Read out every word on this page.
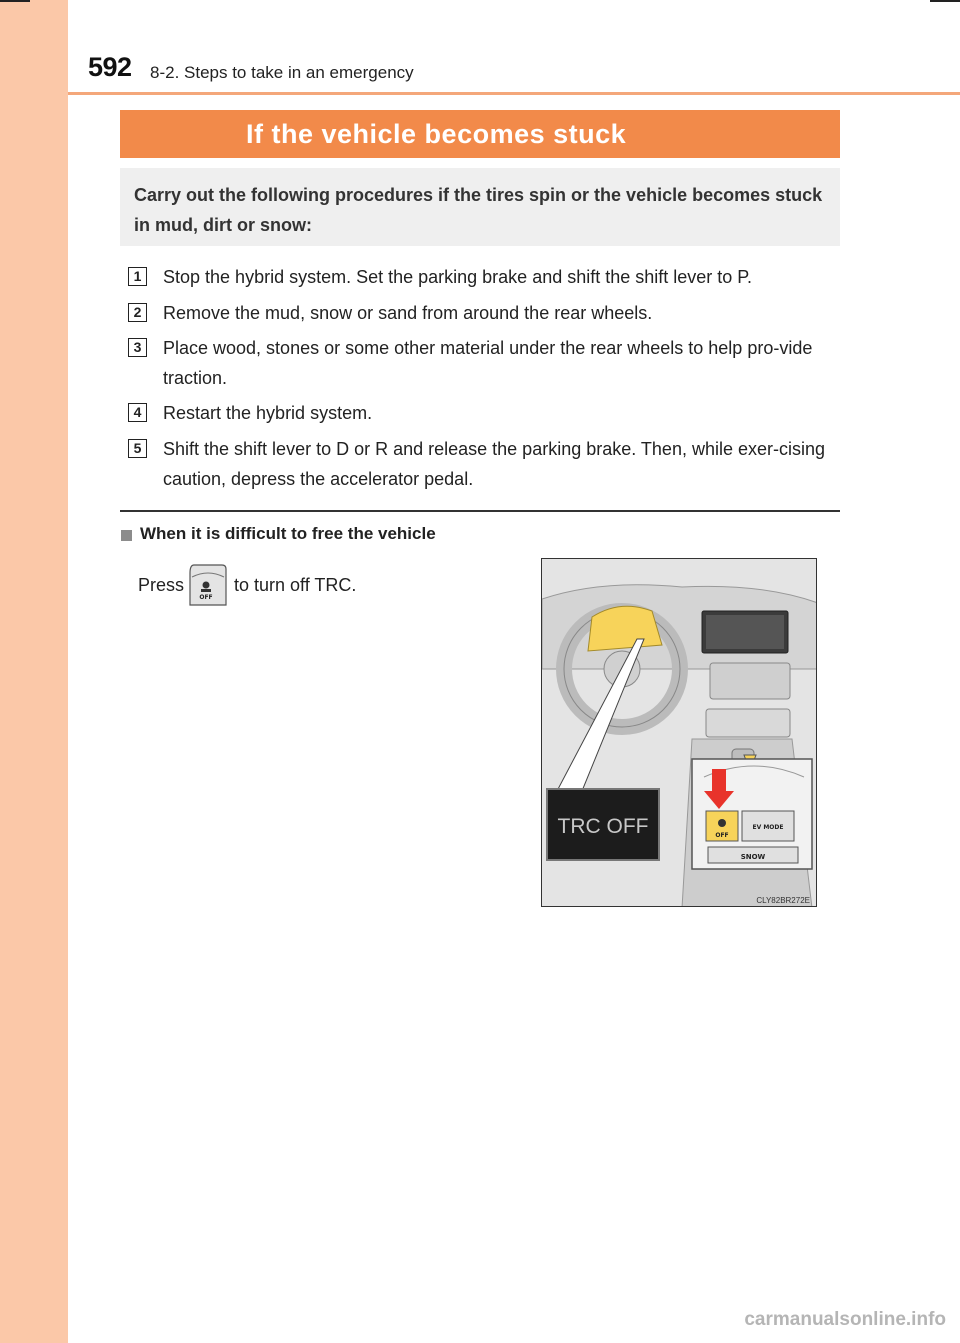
592 8-2. Steps to take in an emergency
If the vehicle becomes stuck
Carry out the following procedures if the tires spin or the vehicle becomes stuck in mud, dirt or snow:
1	Stop the hybrid system. Set the parking brake and shift the shift lever to P.
2	Remove the mud, snow or sand from around the rear wheels.
3	Place wood, stones or some other material under the rear wheels to help pro-vide traction.
4	Restart the hybrid system.
5	Shift the shift lever to D or R and release the parking brake. Then, while exer-cising caution, depress the accelerator pedal.
When it is difficult to free the vehicle
Press
OFF
to turn off TRC.
TRC OFF	OFF
EV MODE
SNOW
CLY82BR272E
carmanualsonline.info
